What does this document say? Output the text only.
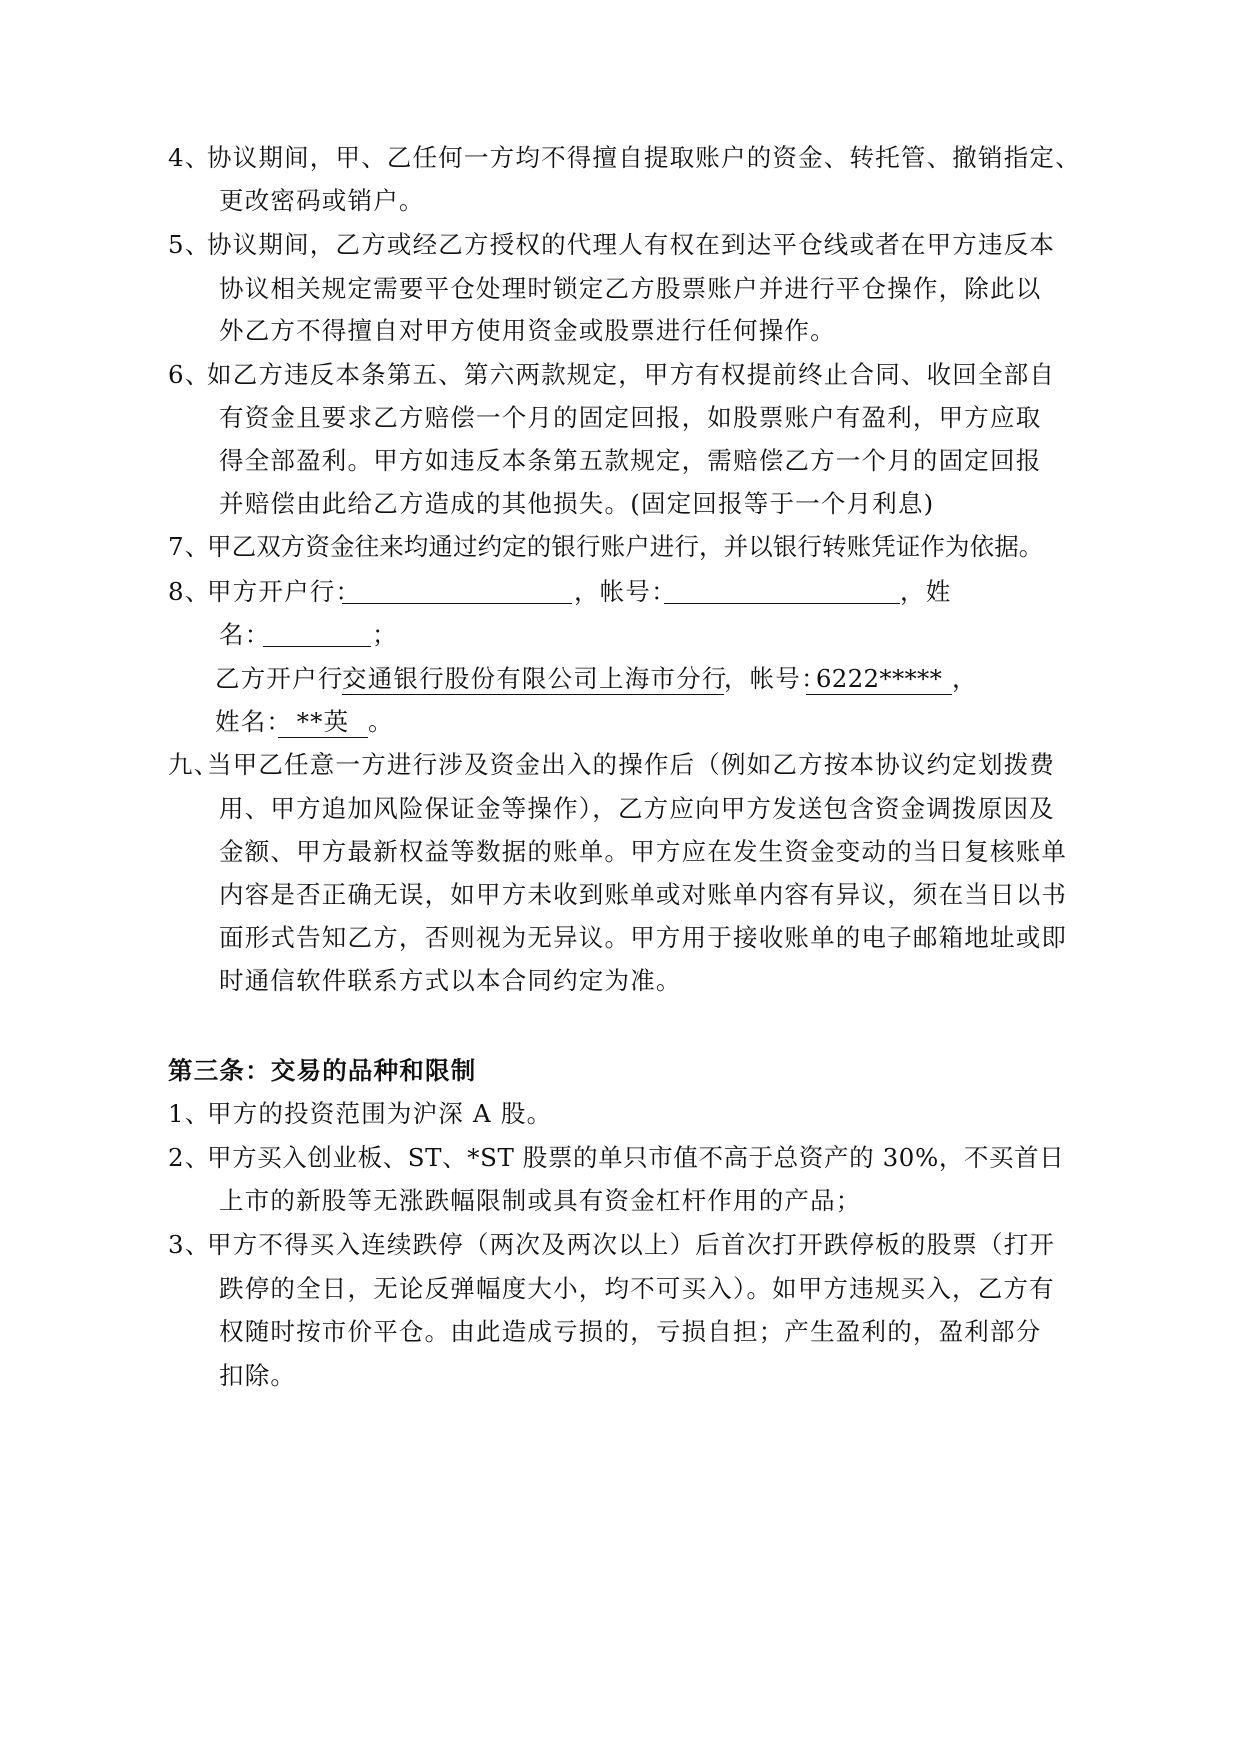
4、
协议期间，甲、乙任何一方均不得擅自提取账户的资金、转托管、撤销指定、
更改密码或销户。
5、
协议期间，乙方或经乙方授权的代理人有权在到达平仓线或者在甲方违反本
协议相关规定需要平仓处理时锁定乙方股票账户并进行平仓操作，除此以
外乙方不得擅自对甲方使用资金或股票进行任何操作。
6、
如乙方违反本条第五、第六两款规定，甲方有权提前终止合同、收回全部自
有资金且要求乙方赔偿一个月的固定回报，如股票账户有盈利，甲方应取
得全部盈利。甲方如违反本条第五款规定，需赔偿乙方一个月的固定回报
并赔偿由此给乙方造成的其他损失。(固定回报等于一个月利息)
7、
甲乙双方资金往来均通过约定的银行账户进行，并以银行转账凭证作为依据。
8、
甲方开户行：	，帐号：	，姓
名：	；
乙方开户行：
交通银行股份有限公司上海市分行
，帐号：
6222***** ，
姓名： **英 。
九、
当甲乙任意一方进行涉及资金出入的操作后（例如乙方按本协议约定划拨费
用、甲方追加风险保证金等操作），乙方应向甲方发送包含资金调拨原因及
金额、甲方最新权益等数据的账单。甲方应在发生资金变动的当日复核账单
内容是否正确无误，如甲方未收到账单或对账单内容有异议，须在当日以书
面形式告知乙方，否则视为无异议。甲方用于接收账单的电子邮箱地址或即
时通信软件联系方式以本合同约定为准。
第三条：交易的品种和限制
1、
甲方的投资范围为沪深 A 股。
2、
甲方买入创业板、ST、*ST 股票的单只市值不高于总资产的 30%，不买首日
上市的新股等无涨跌幅限制或具有资金杠杆作用的产品；
3、
甲方不得买入连续跌停（两次及两次以上）后首次打开跌停板的股票（打开
跌停的全日，无论反弹幅度大小，均不可买入）。如甲方违规买入，乙方有
权随时按市价平仓。由此造成亏损的，亏损自担；产生盈利的，盈利部分
扣除。
